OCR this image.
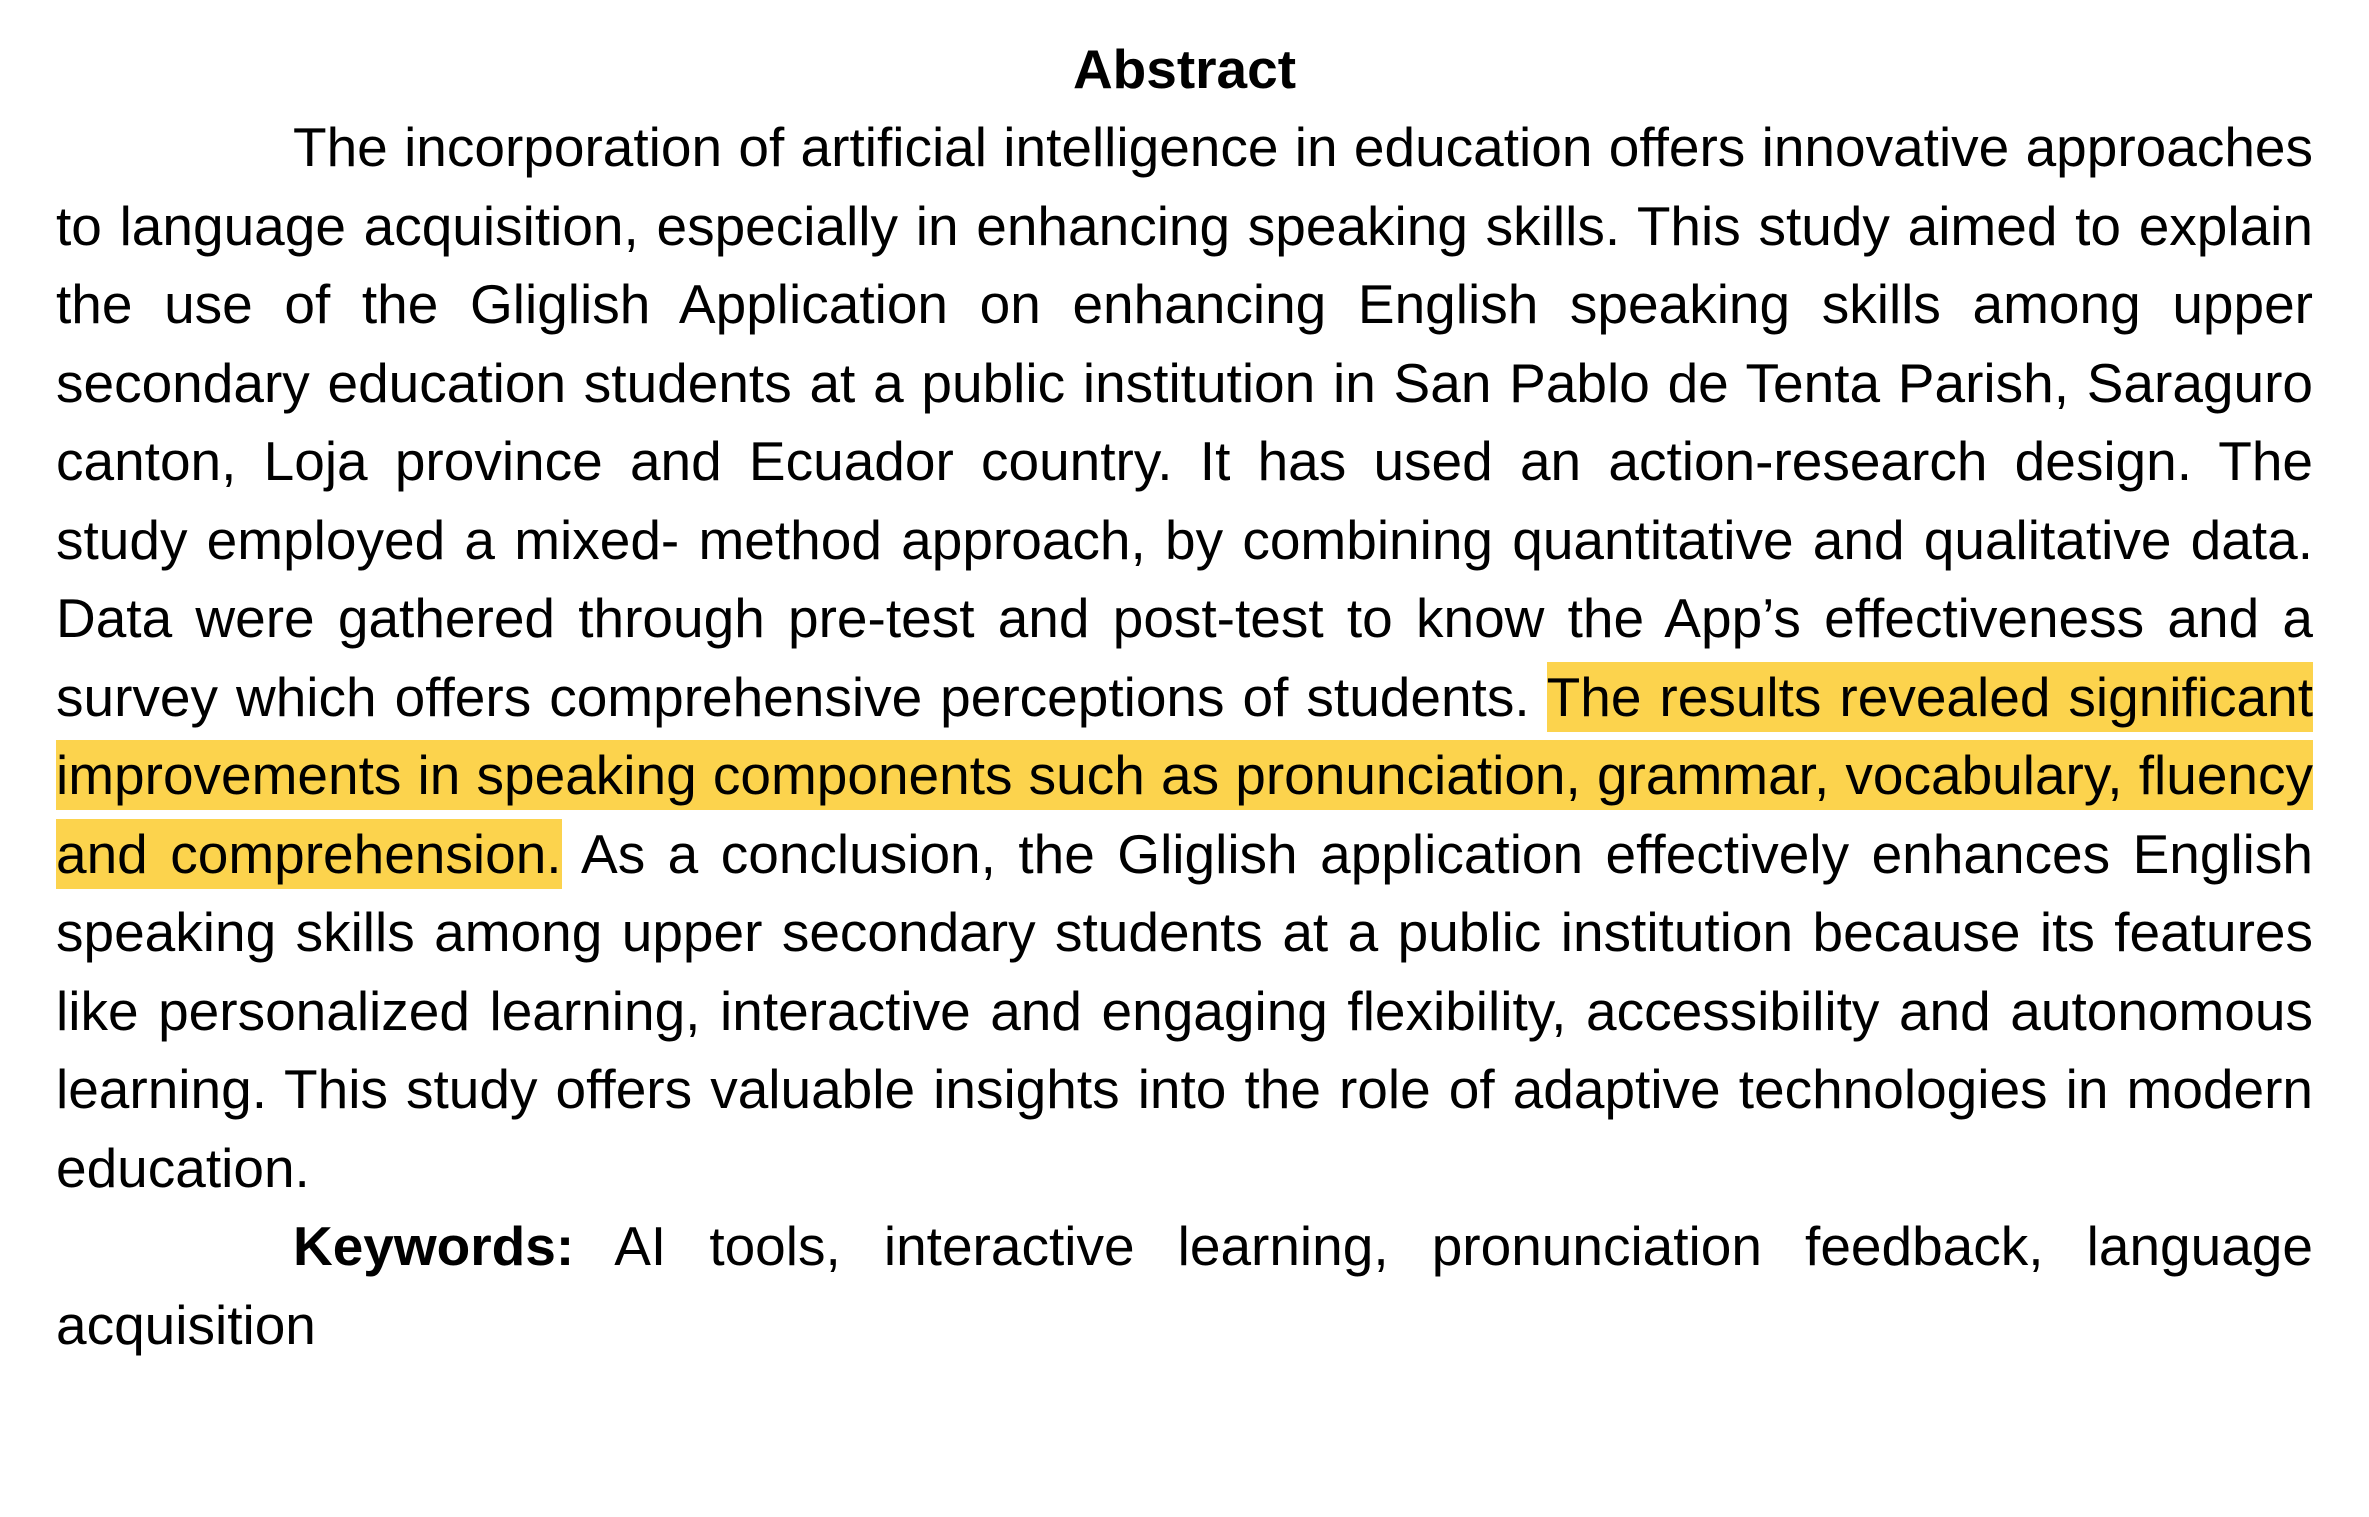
Abstract

The incorporation of artificial intelligence in education offers innovative approaches to language acquisition, especially in enhancing speaking skills. This study aimed to explain the use of the Gliglish Application on enhancing English speaking skills among upper secondary education students at a public institution in San Pablo de Tenta Parish, Saraguro canton, Loja province and Ecuador country. It has used an action-research design. The study employed a mixed- method approach, by combining quantitative and qualitative data. Data were gathered through pre-test and post-test to know the App’s effectiveness and a survey which offers comprehensive perceptions of students. The results revealed significant improvements in speaking components such as pronunciation, grammar, vocabulary, fluency and comprehension. As a conclusion, the Gliglish application effectively enhances English speaking skills among upper secondary students at a public institution because its features like personalized learning, interactive and engaging flexibility, accessibility and autonomous learning. This study offers valuable insights into the role of adaptive technologies in modern education.

Keywords: AI tools, interactive learning, pronunciation feedback, language acquisition
